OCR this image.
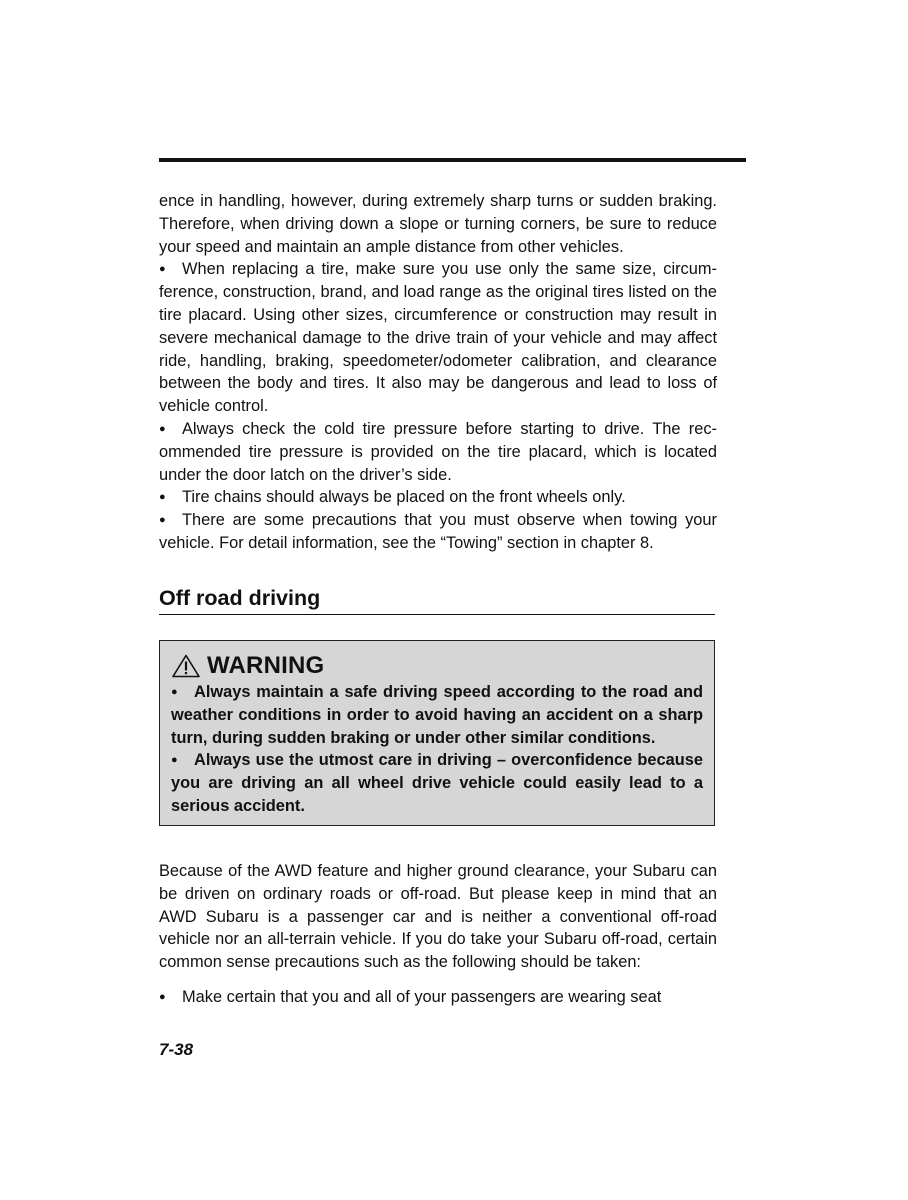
ence in handling, however, during extremely sharp turns or sudden braking. Therefore, when driving down a slope or turning corners, be sure to reduce your speed and maintain an ample distance from other vehicles.

● When replacing a tire, make sure you use only the same size, circumference, construction, brand, and load range as the original tires listed on the tire placard. Using other sizes, circumference or construction may result in severe mechanical damage to the drive train of your vehicle and may affect ride, handling, braking, speedometer/odometer calibration, and clearance between the body and tires. It also may be dangerous and lead to loss of vehicle control.

● Always check the cold tire pressure before starting to drive. The recommended tire pressure is provided on the tire placard, which is located under the door latch on the driver’s side.

● Tire chains should always be placed on the front wheels only.

● There are some precautions that you must observe when towing your vehicle. For detail information, see the “Towing” section in chapter 8.

Off road driving
WARNING

● Always maintain a safe driving speed according to the road and weather conditions in order to avoid having an accident on a sharp turn, during sudden braking or under other similar conditions.

● Always use the utmost care in driving – overconfidence because you are driving an all wheel drive vehicle could easily lead to a serious accident.

Because of the AWD feature and higher ground clearance, your Subaru can be driven on ordinary roads or off-road. But please keep in mind that an AWD Subaru is a passenger car and is neither a conventional off-road vehicle nor an all-terrain vehicle. If you do take your Subaru off-road, certain common sense precautions such as the following should be taken:

● Make certain that you and all of your passengers are wearing seat

7-38
